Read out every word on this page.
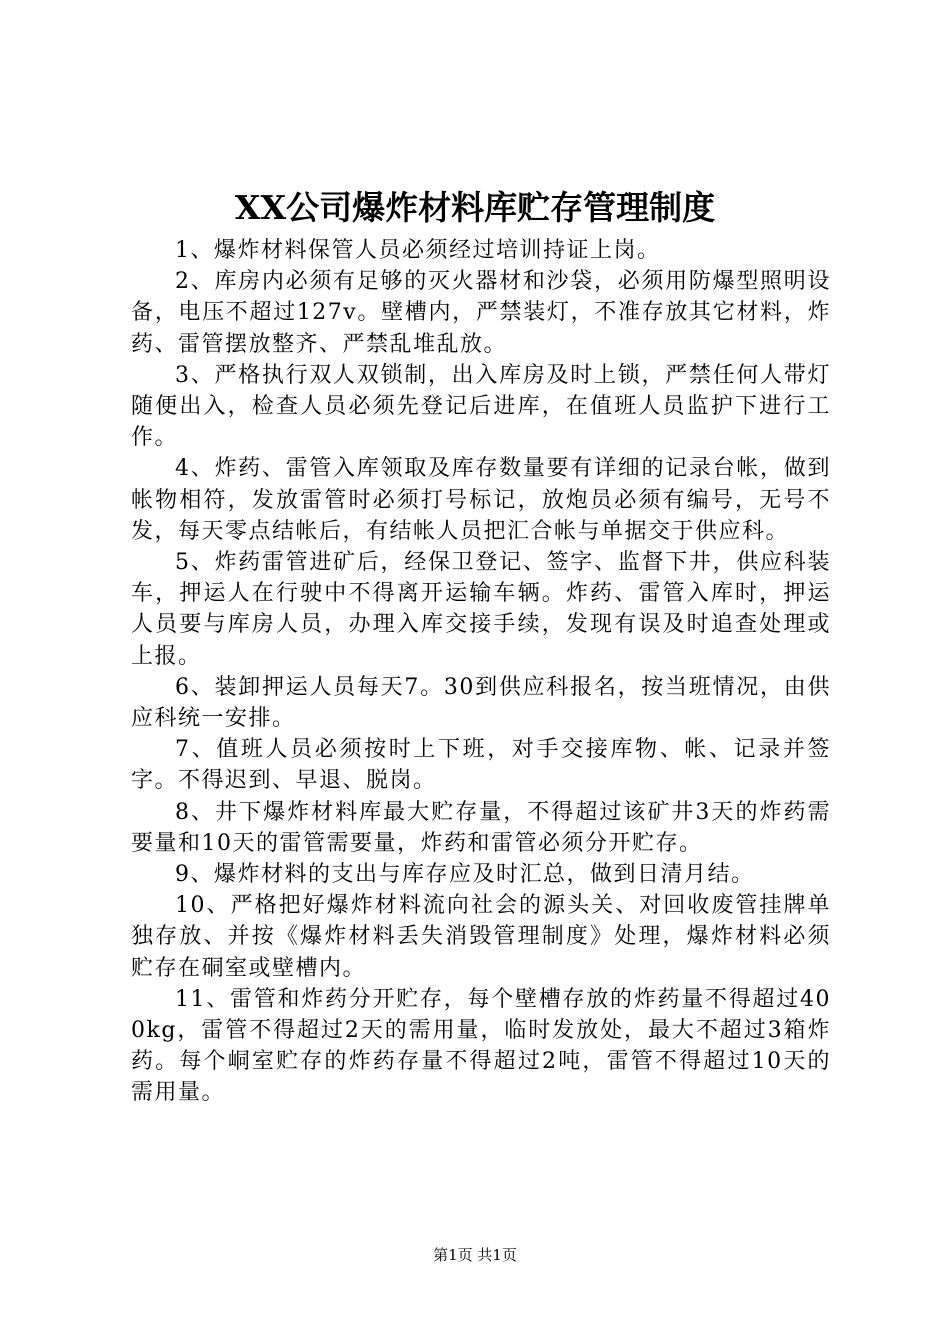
XX公司爆炸材料库贮存管理制度

1、爆炸材料保管人员必须经过培训持证上岗。

2、库房内必须有足够的灭火器材和沙袋，必须用防爆型照明设备，电压不超过127v。壁槽内，严禁装灯，不准存放其它材料，炸药、雷管摆放整齐、严禁乱堆乱放。

3、严格执行双人双锁制，出入库房及时上锁，严禁任何人带灯随便出入，检查人员必须先登记后进库，在值班人员监护下进行工作。

4、炸药、雷管入库领取及库存数量要有详细的记录台帐，做到帐物相符，发放雷管时必须打号标记，放炮员必须有编号，无号不发，每天零点结帐后，有结帐人员把汇合帐与单据交于供应科。

5、炸药雷管进矿后，经保卫登记、签字、监督下井，供应科装车，押运人在行驶中不得离开运输车辆。炸药、雷管入库时，押运人员要与库房人员，办理入库交接手续，发现有误及时追查处理或上报。

6、装卸押运人员每天7。30到供应科报名，按当班情况，由供应科统一安排。

7、值班人员必须按时上下班，对手交接库物、帐、记录并签字。不得迟到、早退、脱岗。

8、井下爆炸材料库最大贮存量，不得超过该矿井3天的炸药需要量和10天的雷管需要量，炸药和雷管必须分开贮存。

9、爆炸材料的支出与库存应及时汇总，做到日清月结。

10、严格把好爆炸材料流向社会的源头关、对回收废管挂牌单独存放、并按《爆炸材料丢失消毁管理制度》处理，爆炸材料必须贮存在硐室或壁槽内。

11、雷管和炸药分开贮存，每个壁槽存放的炸药量不得超过400kg，雷管不得超过2天的需用量，临时发放处，最大不超过3箱炸药。每个峒室贮存的炸药存量不得超过2吨，雷管不得超过10天的需用量。

第1页 共1页
